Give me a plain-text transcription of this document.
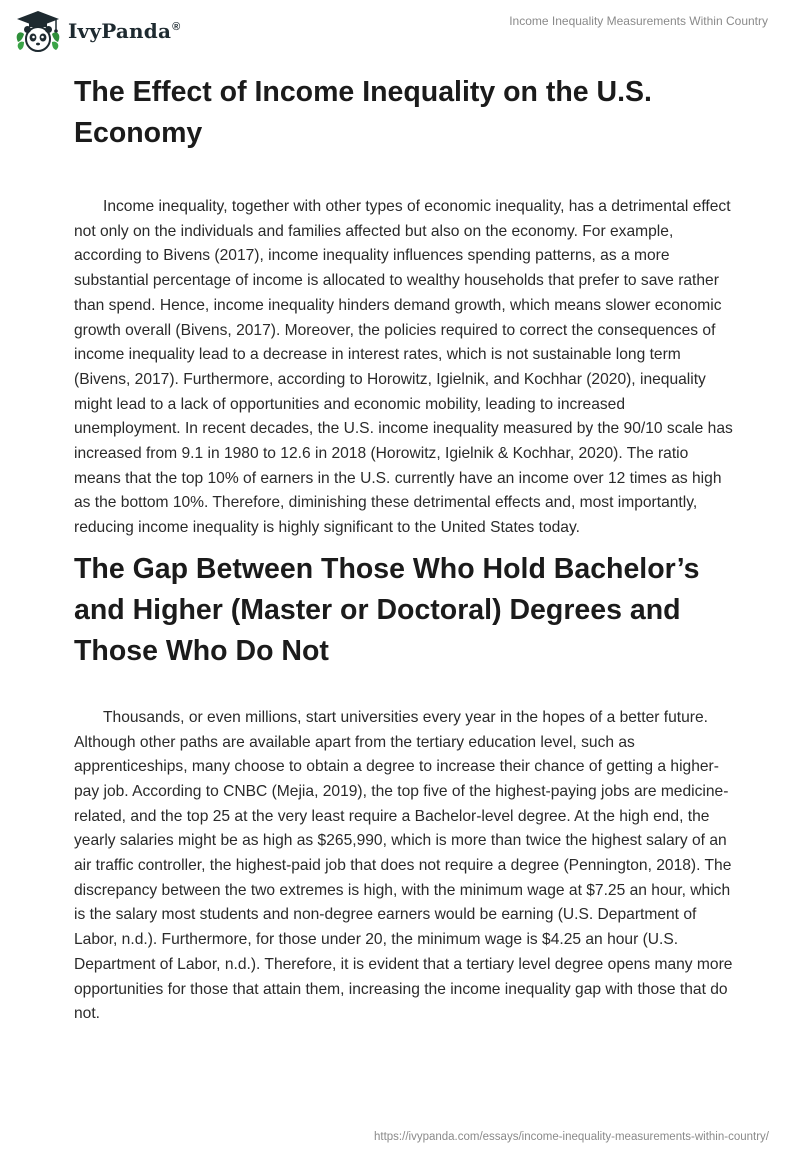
IvyPanda®	Income Inequality Measurements Within Country
The Effect of Income Inequality on the U.S. Economy

Income inequality, together with other types of economic inequality, has a detrimental effect not only on the individuals and families affected but also on the economy. For example, according to Bivens (2017), income inequality influences spending patterns, as a more substantial percentage of income is allocated to wealthy households that prefer to save rather than spend. Hence, income inequality hinders demand growth, which means slower economic growth overall (Bivens, 2017). Moreover, the policies required to correct the consequences of income inequality lead to a decrease in interest rates, which is not sustainable long term (Bivens, 2017). Furthermore, according to Horowitz, Igielnik, and Kochhar (2020), inequality might lead to a lack of opportunities and economic mobility, leading to increased unemployment. In recent decades, the U.S. income inequality measured by the 90/10 scale has increased from 9.1 in 1980 to 12.6 in 2018 (Horowitz, Igielnik & Kochhar, 2020). The ratio means that the top 10% of earners in the U.S. currently have an income over 12 times as high as the bottom 10%. Therefore, diminishing these detrimental effects and, most importantly, reducing income inequality is highly significant to the United States today.

The Gap Between Those Who Hold Bachelor’s and Higher (Master or Doctoral) Degrees and Those Who Do Not

Thousands, or even millions, start universities every year in the hopes of a better future. Although other paths are available apart from the tertiary education level, such as apprenticeships, many choose to obtain a degree to increase their chance of getting a higher-pay job. According to CNBC (Mejia, 2019), the top five of the highest-paying jobs are medicine-related, and the top 25 at the very least require a Bachelor-level degree. At the high end, the yearly salaries might be as high as $265,990, which is more than twice the highest salary of an air traffic controller, the highest-paid job that does not require a degree (Pennington, 2018). The discrepancy between the two extremes is high, with the minimum wage at $7.25 an hour, which is the salary most students and non-degree earners would be earning (U.S. Department of Labor, n.d.). Furthermore, for those under 20, the minimum wage is $4.25 an hour (U.S. Department of Labor, n.d.). Therefore, it is evident that a tertiary level degree opens many more opportunities for those that attain them, increasing the income inequality gap with those that do not.

https://ivypanda.com/essays/income-inequality-measurements-within-country/
